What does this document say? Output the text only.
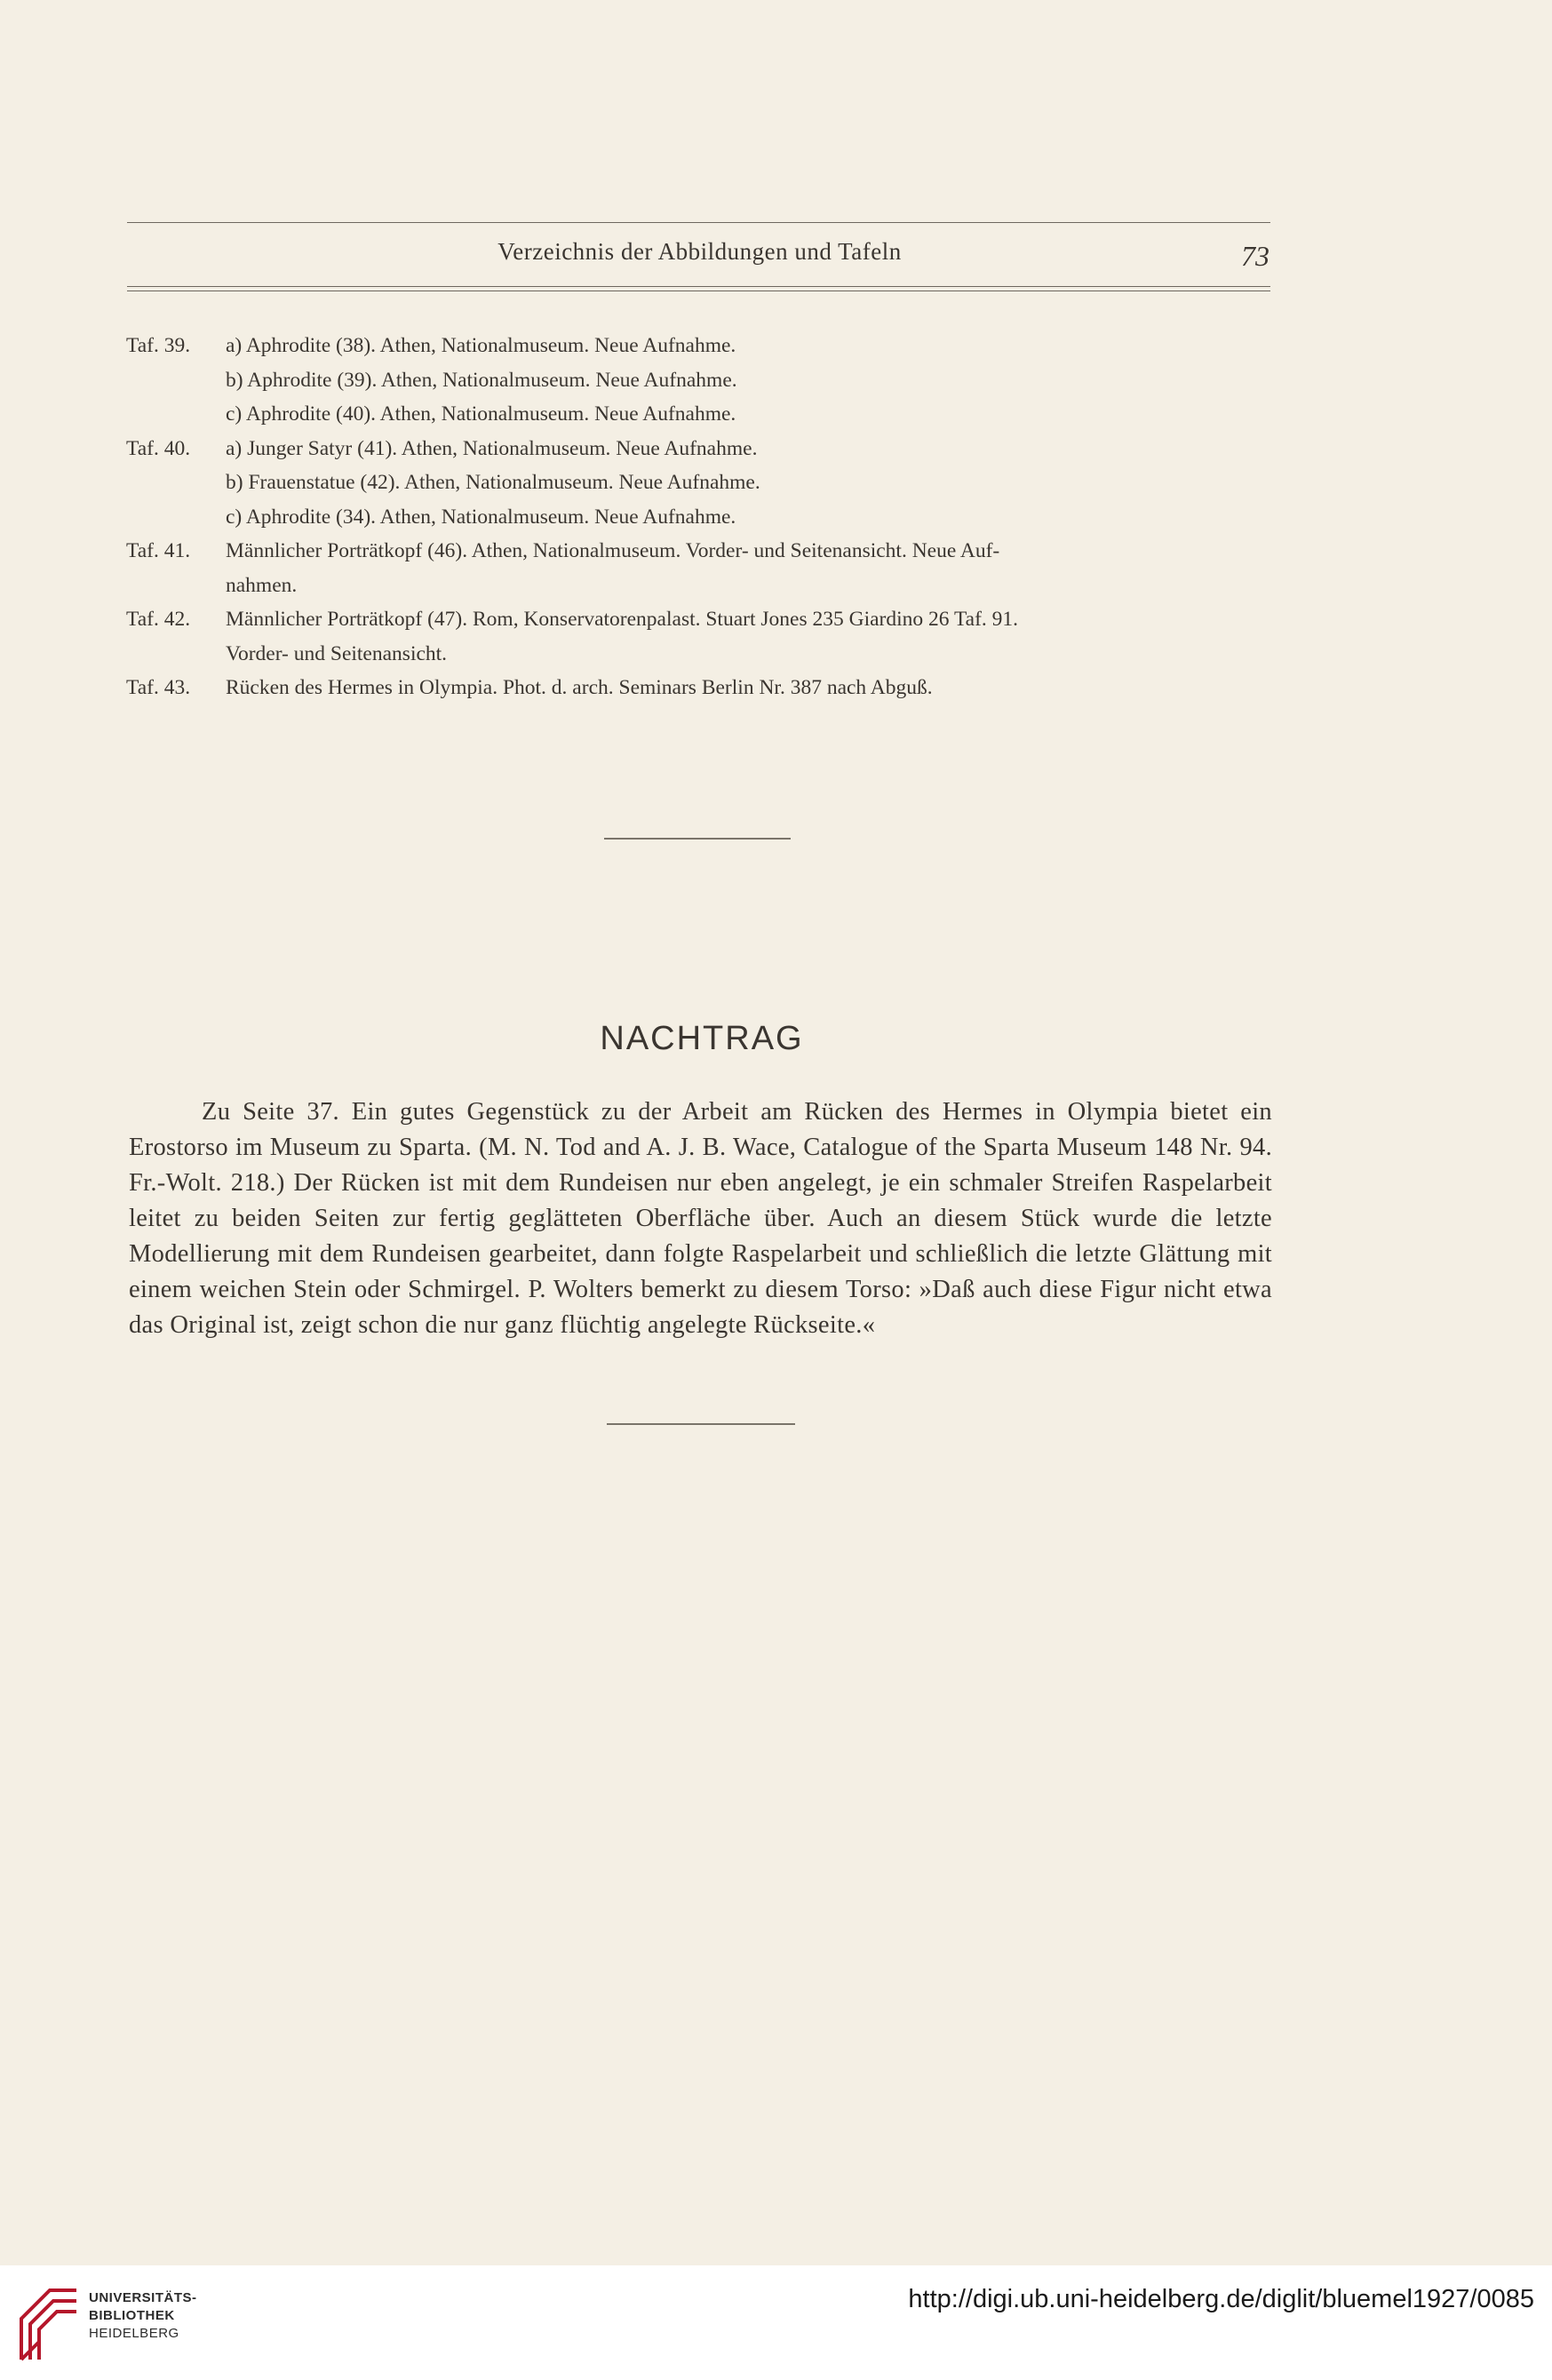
Verzeichnis der Abbildungen und Tafeln	73
Taf. 39.	a) Aphrodite (38). Athen, Nationalmuseum. Neue Aufnahme.
b) Aphrodite (39). Athen, Nationalmuseum. Neue Aufnahme.
c) Aphrodite (40). Athen, Nationalmuseum. Neue Aufnahme.
Taf. 40.	a) Junger Satyr (41). Athen, Nationalmuseum. Neue Aufnahme.
b) Frauenstatue (42). Athen, Nationalmuseum. Neue Aufnahme.
c) Aphrodite (34). Athen, Nationalmuseum. Neue Aufnahme.
Taf. 41.	Männlicher Porträtkopf (46). Athen, Nationalmuseum. Vorder- und Seitenansicht. Neue Auf-
nahmen.
Taf. 42.	Männlicher Porträtkopf (47). Rom, Konservatorenpalast. Stuart Jones 235 Giardino 26 Taf. 91.
Vorder- und Seitenansicht.
Taf. 43.	Rücken des Hermes in Olympia. Phot. d. arch. Seminars Berlin Nr. 387 nach Abguß.
NACHTRAG

Zu Seite 37. Ein gutes Gegenstück zu der Arbeit am Rücken des Hermes in Olympia bietet ein Erostorso im Museum zu Sparta. (M. N. Tod and A. J. B. Wace, Catalogue of the Sparta Museum 148 Nr. 94. Fr.-Wolt. 218.) Der Rücken ist mit dem Rundeisen nur eben angelegt, je ein schmaler Streifen Raspelarbeit leitet zu beiden Seiten zur fertig geglätteten Oberfläche über. Auch an diesem Stück wurde die letzte Modellierung mit dem Rundeisen gearbeitet, dann folgte Raspelarbeit und schließlich die letzte Glättung mit einem weichen Stein oder Schmirgel. P. Wolters bemerkt zu diesem Torso: »Daß auch diese Figur nicht etwa das Original ist, zeigt schon die nur ganz flüchtig angelegte Rückseite.«

UNIVERSITÄTS-
BIBLIOTHEK
HEIDELBERG
http://digi.ub.uni-heidelberg.de/diglit/bluemel1927/0085
